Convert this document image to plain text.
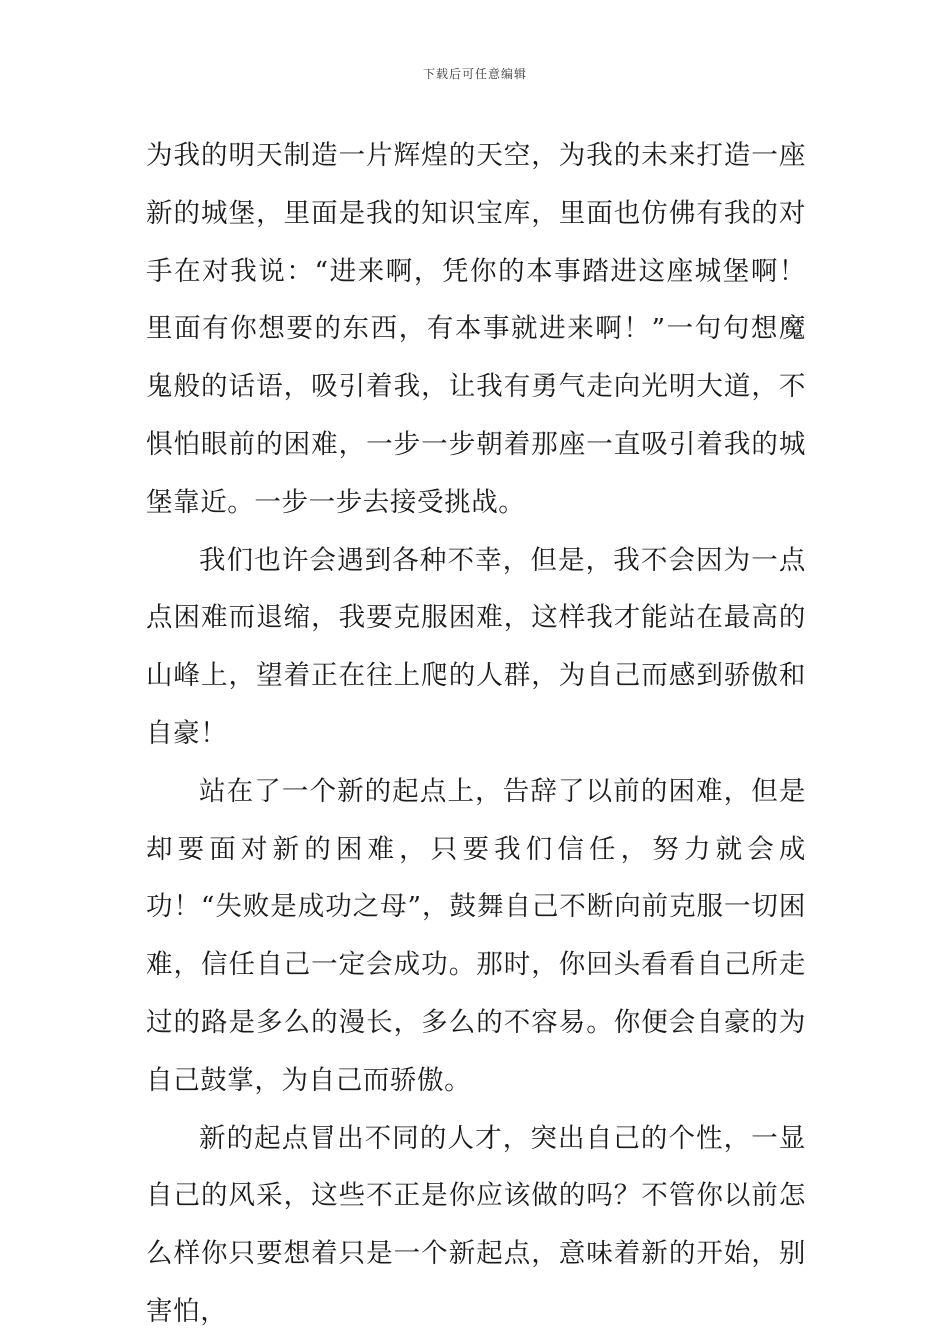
下载后可任意编辑

为我的明天制造一片辉煌的天空，为我的未来打造一座新的城堡，里面是我的知识宝库，里面也仿佛有我的对手在对我说：“进来啊，凭你的本事踏进这座城堡啊！里面有你想要的东西，有本事就进来啊！”一句句想魔鬼般的话语，吸引着我，让我有勇气走向光明大道，不惧怕眼前的困难，一步一步朝着那座一直吸引着我的城堡靠近。一步一步去接受挑战。

我们也许会遇到各种不幸，但是，我不会因为一点点困难而退缩，我要克服困难，这样我才能站在最高的山峰上，望着正在往上爬的人群，为自己而感到骄傲和自豪！

站在了一个新的起点上，告辞了以前的困难，但是却要面对新的困难，只要我们信任，努力就会成功！“失败是成功之母”，鼓舞自己不断向前克服一切困难，信任自己一定会成功。那时，你回头看看自己所走过的路是多么的漫长，多么的不容易。你便会自豪的为自己鼓掌，为自己而骄傲。

新的起点冒出不同的人才，突出自己的个性，一显自己的风采，这些不正是你应该做的吗？不管你以前怎么样你只要想着只是一个新起点，意味着新的开始，别害怕，
